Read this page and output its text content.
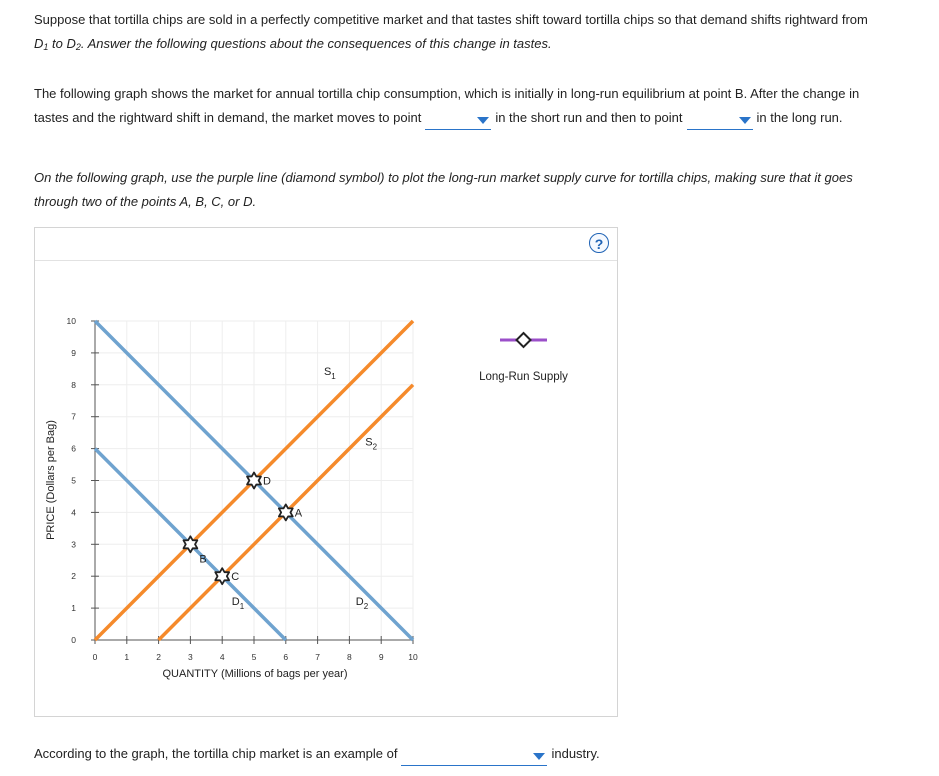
Suppose that tortilla chips are sold in a perfectly competitive market and that tastes shift toward tortilla chips so that demand shifts rightward from
$D_1$ to $D_2$. Answer the following questions about the consequences of this change in tastes.
The following graph shows the market for annual tortilla chip consumption, which is initially in long-run equilibrium at point B. After the change in
tastes and the rightward shift in demand, the market moves to point	in the short run and then to point	in the long run.
On the following graph, use the purple line (diamond symbol) to plot the long-run market supply curve for tortilla chips, making sure that it goes
through two of the points A, B, C, or D.
?
0	1	2	3	4	5	6	7	8	9	10
0
1
2
3
4
5
6
7
8
9
10
$D_1$	$D_2$
$S_1$
$S_2$
A
B
C
D
Long-Run Supply
QUANTITY (Millions of bags per year)
PRICE (Dollars per Bag)
According to the graph, the tortilla chip market is an example of	industry.
